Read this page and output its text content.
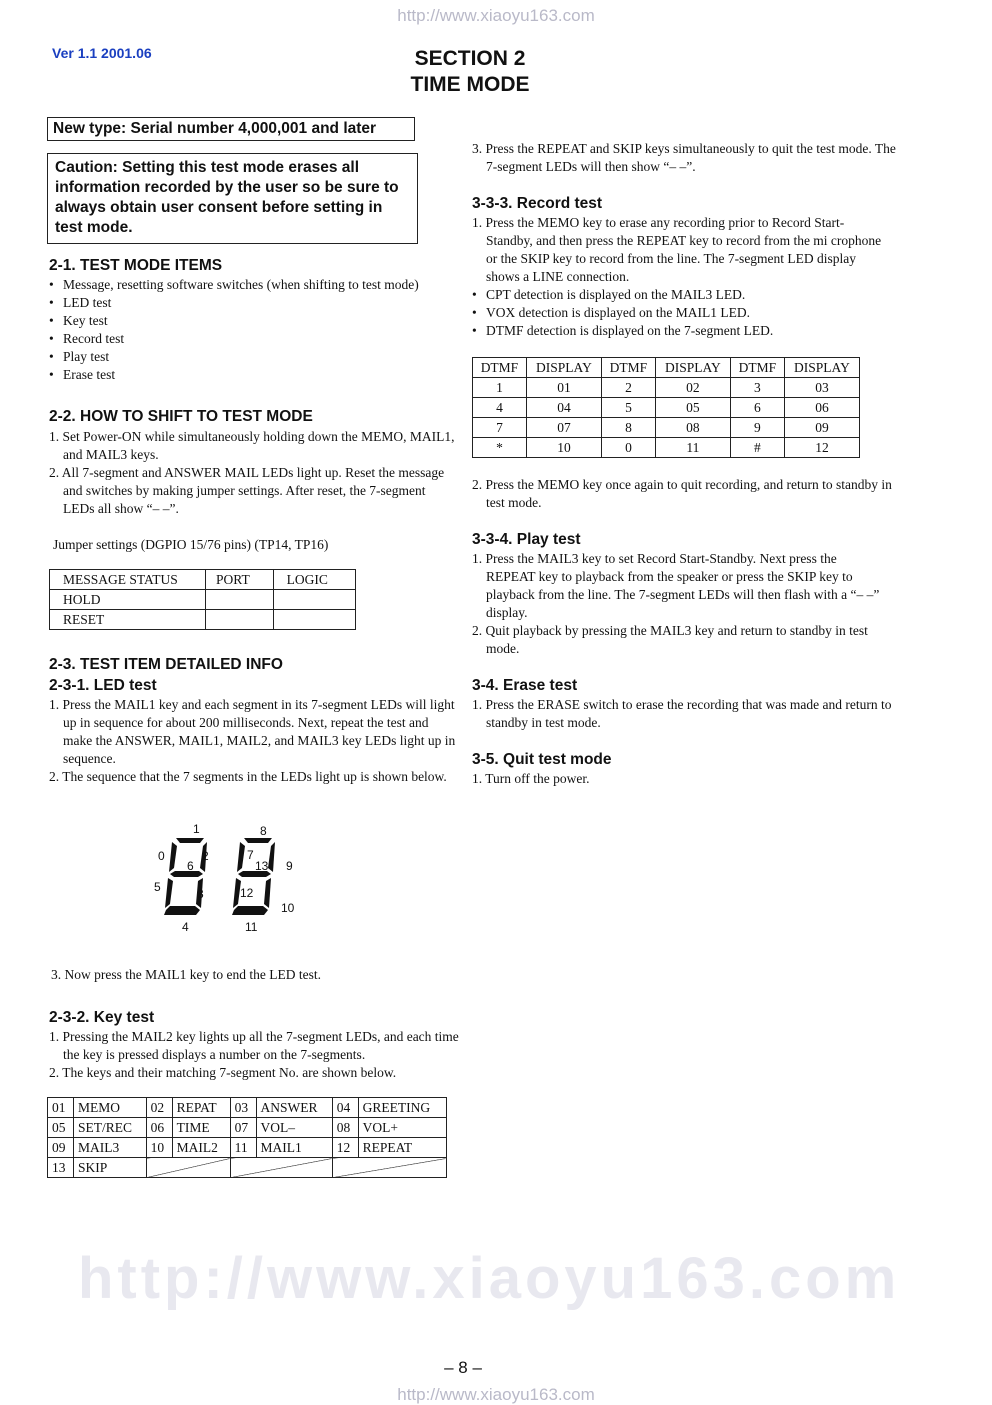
http://www.xiaoyu163.com
http://www.xiaoyu163.com
Ver 1.1 2001.06	SECTION 2
TIME MODE
New type: Serial number 4,000,001 and later
Caution: Setting this test mode erases all information recorded by the user so be sure to always obtain user consent before setting in test mode.
2-1. TEST MODE ITEMS
• Message, resetting software switches (when shifting to test mode)
• LED test
• Key test
• Record test
• Play test
• Erase test
2-2. HOW TO SHIFT TO TEST MODE
1. Set Power-ON while simultaneously holding down the MEMO, MAIL1, and MAIL3 keys.
2. All 7-segment and ANSWER MAIL LEDs light up. Reset the message and switches by making jumper settings. After reset, the 7-segment LEDs all show “– –”.
Jumper settings (DGPIO 15/76 pins) (TP14, TP16)
MESSAGE STATUS	PORT	LOGIC
HOLD		
RESET		
2-3. TEST ITEM DETAILED INFO
2-3-1. LED test
1. Press the MAIL1 key and each segment in its 7-segment LEDs will light up in sequence for about 200 milliseconds. Next, repeat the test and make the ANSWER, MAIL1, MAIL2, and MAIL3 key LEDs light up in sequence.
2. The sequence that the 7 segments in the LEDs light up is shown below.
1
0	2
6
5	3
4
8
7
13 9
12
10
11
3. Now press the MAIL1 key to end the LED test.
2-3-2. Key test
1. Pressing the MAIL2 key lights up all the 7-segment LEDs, and each time the key is pressed displays a number on the 7-segments.
2. The keys and their matching 7-segment No. are shown below.
01	MEMO	02	REPAT	03	ANSWER	04	GREETING
05	SET/REC	06	TIME	07	VOL–	08	VOL+
09	MAIL3	10	MAIL2	11	MAIL1	12	REPEAT
13	SKIP						
3. Press the REPEAT and SKIP keys simultaneously to quit the test mode. The 7-segment LEDs will then show “– –”.
3-3-3. Record test
1. Press the MEMO key to erase any recording prior to Record Start-Standby, and then press the REPEAT key to record from the mi crophone or the SKIP key to record from the line. The 7-segment LED display shows a LINE connection.
• CPT detection is displayed on the MAIL3 LED.
• VOX detection is displayed on the MAIL1 LED.
• DTMF detection is displayed on the 7-segment LED.
DTMF	DISPLAY	DTMF	DISPLAY	DTMF	DISPLAY
1	01	2	02	3	03
4	04	5	05	6	06
7	07	8	08	9	09
*	10	0	11	#	12
2. Press the MEMO key once again to quit recording, and return to standby in test mode.
3-3-4. Play test
1. Press the MAIL3 key to set Record Start-Standby. Next press the REPEAT key to playback from the speaker or press the SKIP key to playback from the line. The 7-segment LEDs will then flash with a “– –” display.
2. Quit playback by pressing the MAIL3 key and return to standby in test mode.
3-4. Erase test
1. Press the ERASE switch to erase the recording that was made and return to standby in test mode.
3-5. Quit test mode
1. Turn off the power.
– 8 –
http://www.xiaoyu163.com
